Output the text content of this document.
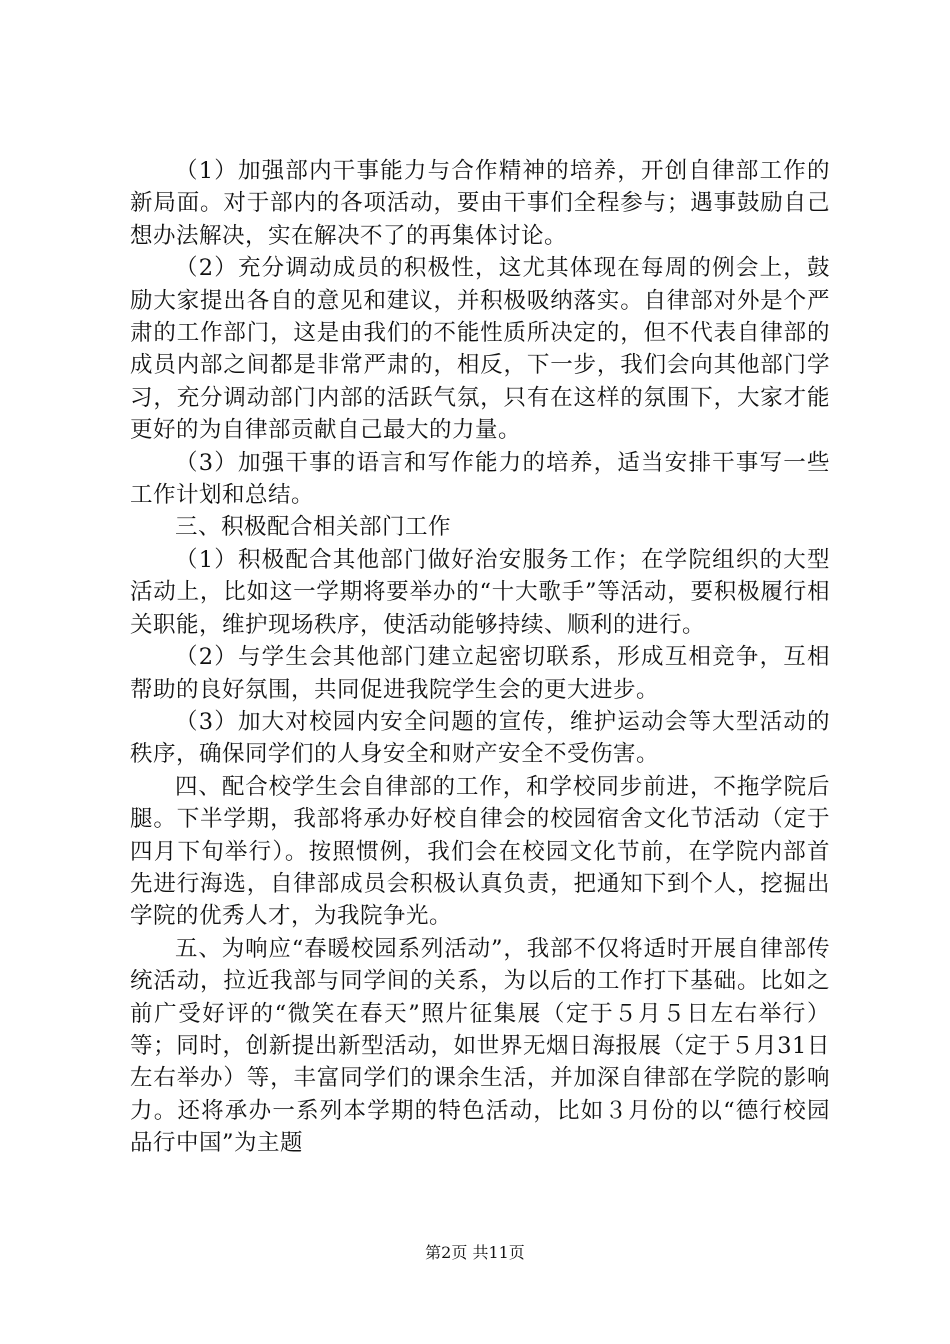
（1）加强部内干事能力与合作精神的培养，开创自律部工作的新局面。对于部内的各项活动，要由干事们全程参与；遇事鼓励自己想办法解决，实在解决不了的再集体讨论。

（2）充分调动成员的积极性，这尤其体现在每周的例会上，鼓励大家提出各自的意见和建议，并积极吸纳落实。自律部对外是个严肃的工作部门，这是由我们的不能性质所决定的，但不代表自律部的成员内部之间都是非常严肃的，相反，下一步，我们会向其他部门学习，充分调动部门内部的活跃气氛，只有在这样的氛围下，大家才能更好的为自律部贡献自己最大的力量。

（3）加强干事的语言和写作能力的培养，适当安排干事写一些工作计划和总结。

三、积极配合相关部门工作

（1）积极配合其他部门做好治安服务工作；在学院组织的大型活动上，比如这一学期将要举办的“十大歌手”等活动，要积极履行相关职能，维护现场秩序，使活动能够持续、顺利的进行。

（2）与学生会其他部门建立起密切联系，形成互相竞争，互相帮助的良好氛围，共同促进我院学生会的更大进步。

（3）加大对校园内安全问题的宣传，维护运动会等大型活动的秩序，确保同学们的人身安全和财产安全不受伤害。

四、配合校学生会自律部的工作，和学校同步前进，不拖学院后腿。下半学期，我部将承办好校自律会的校园宿舍文化节活动（定于四月下旬举行）。按照惯例，我们会在校园文化节前，在学院内部首先进行海选，自律部成员会积极认真负责，把通知下到个人，挖掘出学院的优秀人才，为我院争光。

五、为响应“春暖校园系列活动”，我部不仅将适时开展自律部传统活动，拉近我部与同学间的关系，为以后的工作打下基础。比如之前广受好评的“微笑在春天”照片征集展（定于５月５日左右举行）等；同时，创新提出新型活动，如世界无烟日海报展（定于５月31日左右举办）等，丰富同学们的课余生活，并加深自律部在学院的影响力。还将承办一系列本学期的特色活动，比如３月份的以“德行校园品行中国”为主题

第2页 共11页
